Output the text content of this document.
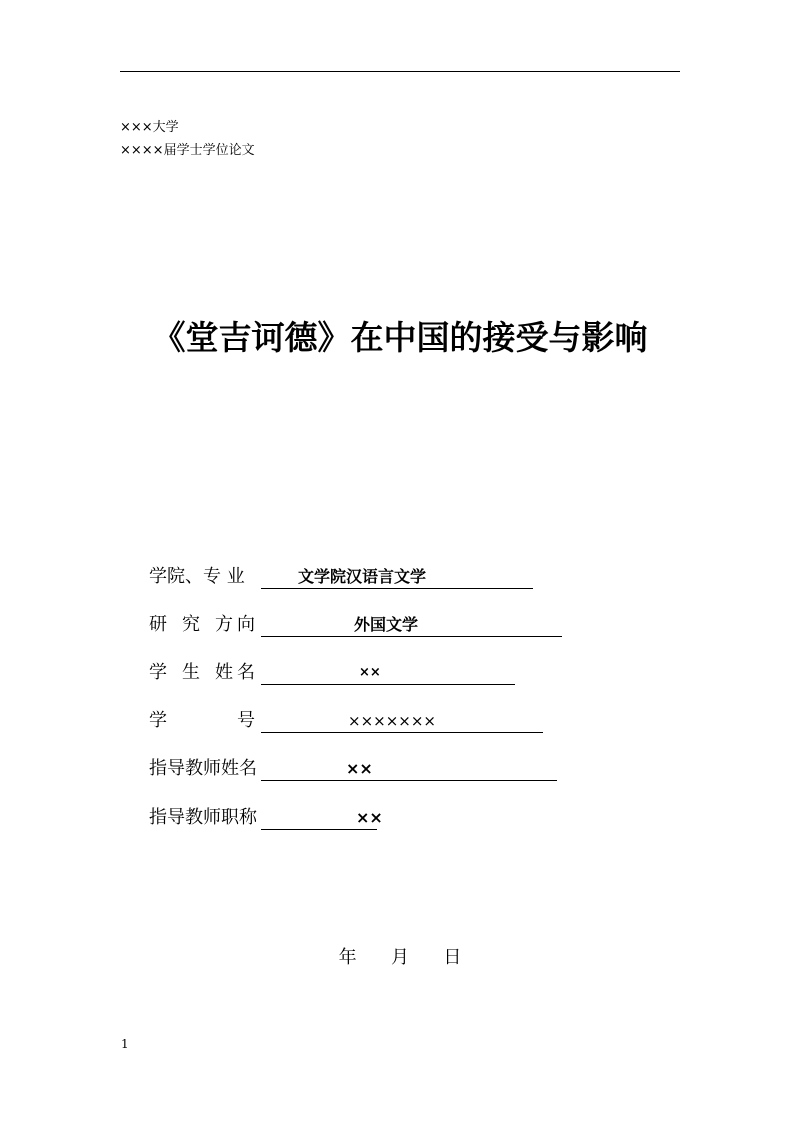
×××大学
××××届学士学位论文
《堂吉诃德》在中国的接受与影响
学院、专 业	文学院汉语言文学
研 究 方 向	外国文学
学 生 姓 名	××
学	号	×××××××
指导教师姓名	××
指导教师职称	××
年 月 日
1
